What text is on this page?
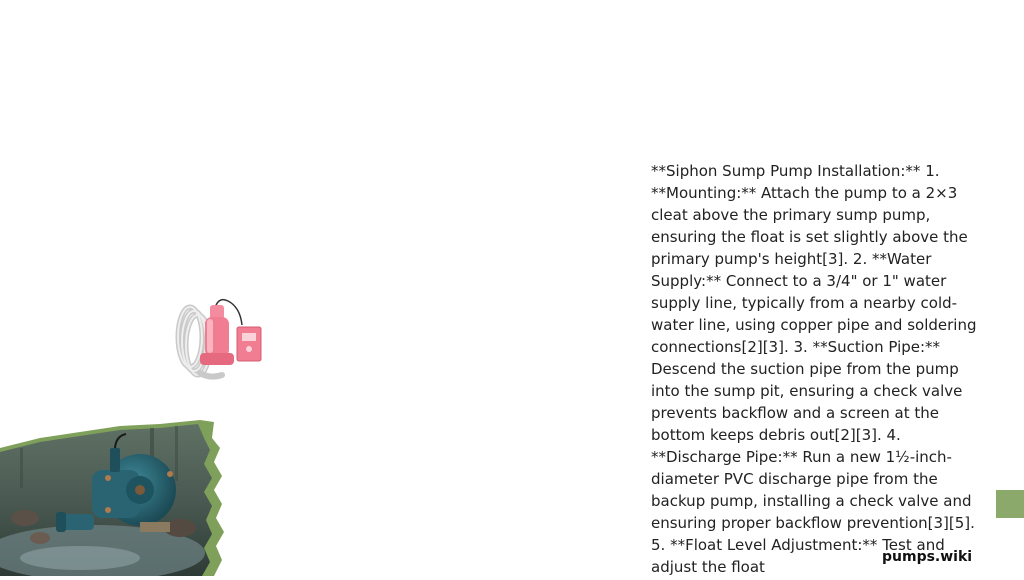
**Siphon Sump Pump Installation:** 1. **Mounting:** Attach the pump to a 2×3 cleat above the primary sump pump, ensuring the float is set slightly above the primary pump's height[3]. 2. **Water Supply:** Connect to a 3/4" or 1" water supply line, typically from a nearby cold-water line, using copper pipe and soldering connections[2][3]. 3. **Suction Pipe:** Descend the suction pipe from the pump into the sump pit, ensuring a check valve prevents backflow and a screen at the bottom keeps debris out[2][3]. 4. **Discharge Pipe:** Run a new 1½-inch-diameter PVC discharge pipe from the backup pump, installing a check valve and ensuring proper backflow prevention[3][5]. 5. **Float Level Adjustment:** Test and adjust the float

pumps.wiki
